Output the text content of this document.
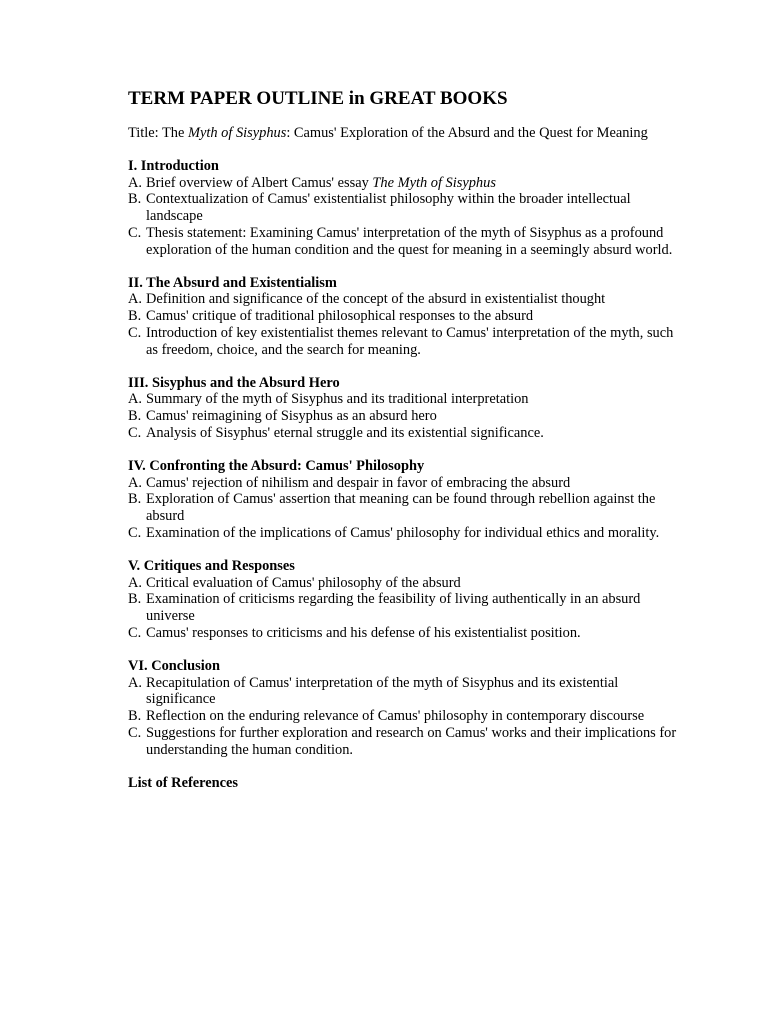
TERM PAPER OUTLINE in GREAT BOOKS
Title: The Myth of Sisyphus: Camus' Exploration of the Absurd and the Quest for Meaning
I. Introduction
A. Brief overview of Albert Camus' essay The Myth of Sisyphus
B. Contextualization of Camus' existentialist philosophy within the broader intellectual landscape
C. Thesis statement: Examining Camus' interpretation of the myth of Sisyphus as a profound exploration of the human condition and the quest for meaning in a seemingly absurd world.
II. The Absurd and Existentialism
A. Definition and significance of the concept of the absurd in existentialist thought
B. Camus' critique of traditional philosophical responses to the absurd
C. Introduction of key existentialist themes relevant to Camus' interpretation of the myth, such as freedom, choice, and the search for meaning.
III. Sisyphus and the Absurd Hero
A. Summary of the myth of Sisyphus and its traditional interpretation
B. Camus' reimagining of Sisyphus as an absurd hero
C. Analysis of Sisyphus' eternal struggle and its existential significance.
IV. Confronting the Absurd: Camus' Philosophy
A. Camus' rejection of nihilism and despair in favor of embracing the absurd
B. Exploration of Camus' assertion that meaning can be found through rebellion against the absurd
C. Examination of the implications of Camus' philosophy for individual ethics and morality.
V. Critiques and Responses
A. Critical evaluation of Camus' philosophy of the absurd
B. Examination of criticisms regarding the feasibility of living authentically in an absurd universe
C. Camus' responses to criticisms and his defense of his existentialist position.
VI. Conclusion
A. Recapitulation of Camus' interpretation of the myth of Sisyphus and its existential significance
B. Reflection on the enduring relevance of Camus' philosophy in contemporary discourse
C. Suggestions for further exploration and research on Camus' works and their implications for understanding the human condition.
List of References
